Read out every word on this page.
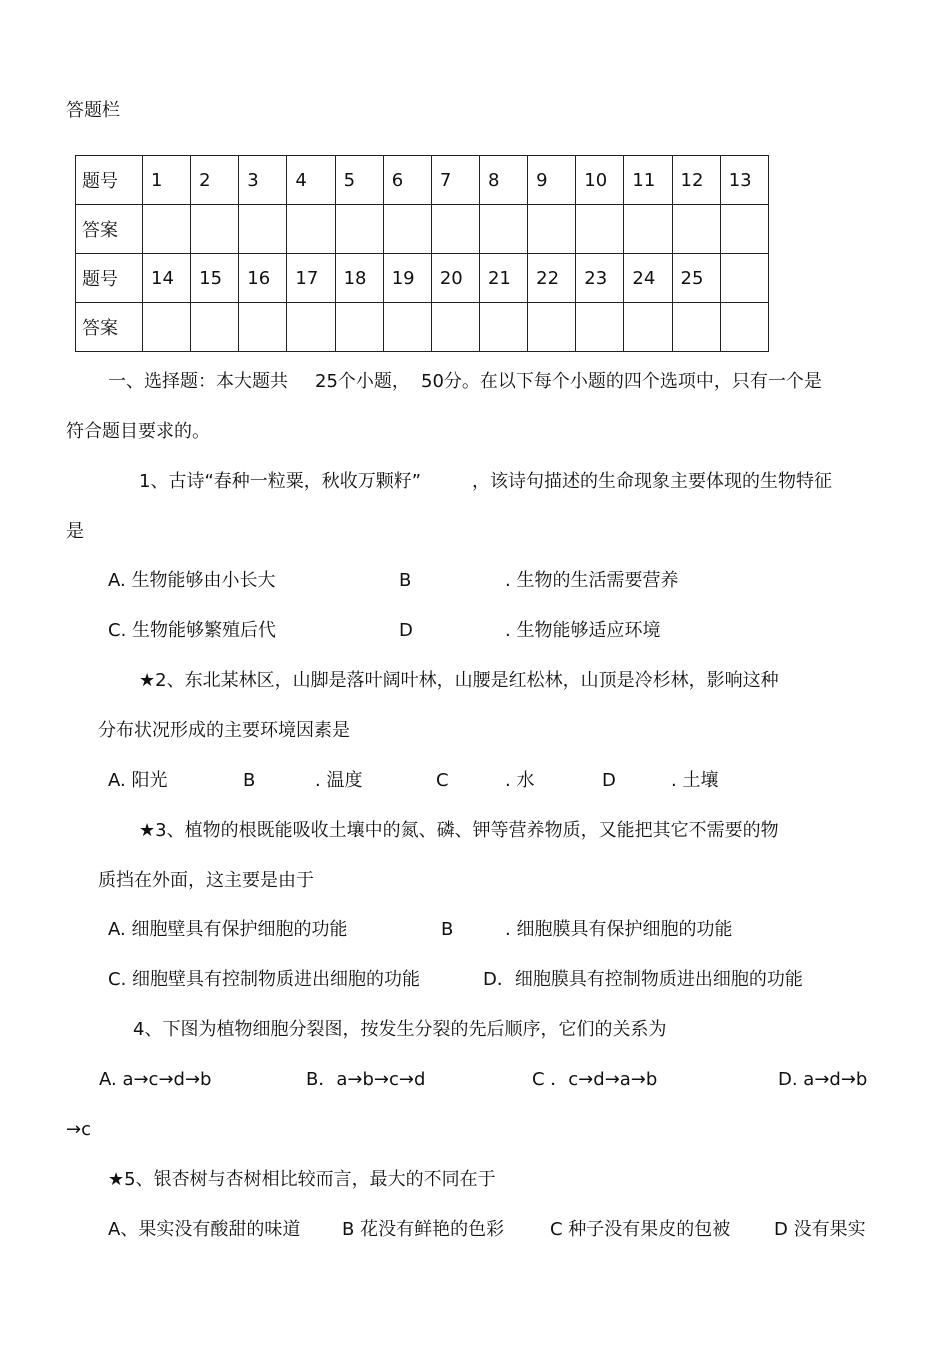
答题栏
题号	1	2	3	4	5	6	7	8	9	10	11	12	13
答案													
题号	14	15	16	17	18	19	20	21	22	23	24	25	
答案													
一、选择题：本大题共 25个小题， 50分。在以下每个小题的四个选项中，只有一个是
符合题目要求的。
1、古诗“春种一粒粟，秋收万颗籽”	，该诗句描述的生命现象主要体现的生物特征
是
A. 生物能够由小长大	B	. 生物的生活需要营养
C. 生物能够繁殖后代	D	. 生物能够适应环境
★2、东北某林区，山脚是落叶阔叶林，山腰是红松林，山顶是冷杉林，影响这种
分布状况形成的主要环境因素是
A. 阳光	B	. 温度	C	. 水	D	. 土壤
★3、植物的根既能吸收土壤中的氮、磷、钾等营养物质，又能把其它不需要的物
质挡在外面，这主要是由于
A. 细胞壁具有保护细胞的功能	B	. 细胞膜具有保护细胞的功能
C. 细胞壁具有控制物质进出细胞的功能	D．细胞膜具有控制物质进出细胞的功能
4、下图为植物细胞分裂图，按发生分裂的先后顺序，它们的关系为
A. a→c→d→b	B．a→b→c→d	C ．c→d→a→b	D. a→d→b
→c
★5、银杏树与杏树相比较而言，最大的不同在于
A、果实没有酸甜的味道 B 花没有鲜艳的色彩	C 种子没有果皮的包被 D 没有果实
